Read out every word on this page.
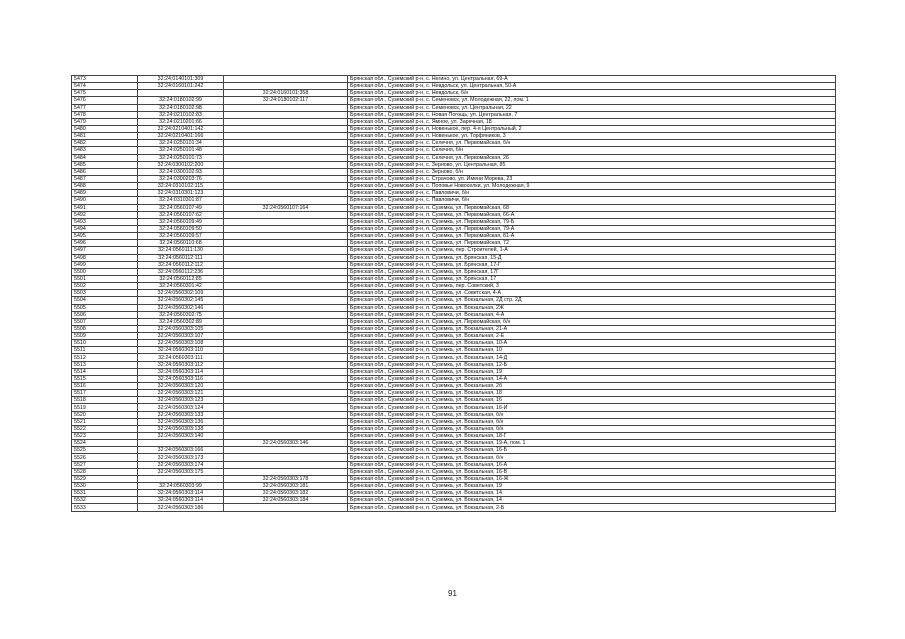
5473	32:24:0140101:309		Брянская обл., Суземский р-н, с. Негино, ул. Центральная, 69-А
5474	32:24:0160101:242		Брянская обл., Суземский р-н, с. Невдольск, ул. Центральная, 50-А
5475		32:24:0160101:358	Брянская обл., Суземский р-н, с. Невдольск, б/н
5476	32:24:0180102:99	32:24:0180102:117	Брянская обл., Суземский р-н, с. Семеновск, ул. Молодежная, 22, пом. 1
5477	32:24:0180102:98		Брянская обл., Суземский р-н, с. Семеновск, ул. Центральная, 22
5478	32:24:0210102:83		Брянская обл., Суземский р-н, с. Новая Погощь, ул. Центральная, 7
5479	32:24:0210201:66		Брянская обл., Суземский р-н, с. Ямное, ул. Заречная, 18
5480	32:24:0210401:142		Брянская обл., Суземский р-н, п. Новенькое, пер. 4-я Центральный, 2
5481	32:24:0210401:166		Брянская обл., Суземский р-н, п. Новенькое, ул. Торфяников, 3
5482	32:24:0250101:34		Брянская обл., Суземский р-н, с. Селечня, ул. Первомайская, б/н
5483	32:24:0250101:48		Брянская обл., Суземский р-н, с. Селечня, б/н
5484	32:24:0250101:73		Брянская обл., Суземский р-н, с. Селечня, ул. Первомайская, 26
5485	32:24:0300102:200		Брянская обл., Суземский р-н, с. Зерново, ул. Центральная, 85
5486	32:24:0300102:93		Брянская обл., Суземский р-н, с. Зерново, б/н
5487	32:24:0300203:76		Брянская обл., Суземский р-н, с. Страчово, ул. Имени Морева, 23
5488	32:24:0310102:115		Брянская обл., Суземский р-н, с. Поповье Новоселки, ул. Молодежная, 9
5489	32:24:0310301:123		Брянская обл., Суземский р-н, с. Павловичи, б/н
5490	32:24:0310301:87		Брянская обл., Суземский р-н, с. Павловичи, б/н
5491	32:24:0560107:49	32:24:0560107:164	Брянская обл., Суземский р-н, п. Суземка, ул. Первомайская, 68
5492	32:24:0560107:62		Брянская обл., Суземский р-н, п. Суземка, ул. Первомайская, 66-А
5493	32:24:0560109:49		Брянская обл., Суземский р-н, п. Суземка, ул. Первомайская, 79-Б
5494	32:24:0560109:50		Брянская обл., Суземский р-н, п. Суземка, ул. Первомайская, 79-А
5495	32:24:0560109:57		Брянская обл., Суземский р-н, п. Суземка, ул. Первомайская, 81-А
5496	32:24:0560110:68		Брянская обл., Суземский р-н, п. Суземка, ул. Первомайская, 72
5497	32:24:0560111:130		Брянская обл., Суземский р-н, п. Суземка, пер. Строителей, 1-А
5498	32:24:0560112:111		Брянская обл., Суземский р-н, п. Суземка, ул. Брянская, 15-Д
5499	32:24:0560112:112		Брянская обл., Суземский р-н, п. Суземка, ул. Брянская, 17-Г
5500	32:24:0560112:236		Брянская обл., Суземский р-н, п. Суземка, ул. Брянская, 17Г
5501	32:24:0560112:85		Брянская обл., Суземский р-н, п. Суземка, ул. Брянская, 17
5502	32:24:0560301:42		Брянская обл., Суземский р-н, п. Суземка, пер. Советский, 3
5503	32:24:0560302:109		Брянская обл., Суземский р-н, п. Суземка, ул. Советская, 4-А
5504	32:24:0560302:145		Брянская обл., Суземский р-н, п. Суземка, ул. Вокзальная, 2Д стр. 2Д
5505	32:24:0560302:146		Брянская обл., Суземский р-н, п. Суземка, ул. Вокзальная, 2Ж
5506	32:24:0560302:75		Брянская обл., Суземский р-н, п. Суземка, ул. Вокзальная, 4-А
5507	32:24:0560302:89		Брянская обл., Суземский р-н, п. Суземка, ул. Первомайская, б/н
5508	32:24:0560303:105		Брянская обл., Суземский р-н, п. Суземка, ул. Вокзальная, 21-А
5509	32:24:0560303:107		Брянская обл., Суземский р-н, п. Суземка, ул. Вокзальная, 2-Е
5510	32:24:0560303:108		Брянская обл., Суземский р-н, п. Суземка, ул. Вокзальная, 10-А
5511	32:24:0560303:110		Брянская обл., Суземский р-н, п. Суземка, ул. Вокзальная, 10
5512	32:24:0560303:111		Брянская обл., Суземский р-н, п. Суземка, ул. Вокзальная, 14-Д
5513	32:24:0560303:112		Брянская обл., Суземский р-н, п. Суземка, ул. Вокзальная, 12-Б
5514	32:24:0560303:114		Брянская обл., Суземский р-н, п. Суземка, ул. Вокзальная, 19
5515	32:24:0560303:116		Брянская обл., Суземский р-н, п. Суземка, ул. Вокзальная, 14-А
5516	32:24:0560303:120		Брянская обл., Суземский р-н, п. Суземка, ул. Вокзальная, 2б
5517	32:24:0560303:121		Брянская обл., Суземский р-н, п. Суземка, ул. Вокзальная, 18
5518	32:24:0560303:123		Брянская обл., Суземский р-н, п. Суземка, ул. Вокзальная, 16
5519	32:24:0560303:124		Брянская обл., Суземский р-н, п. Суземка, ул. Вокзальная, 16-И
5520	32:24:0560303:133		Брянская обл., Суземский р-н, п. Суземка, ул. Вокзальная, б/н
5521	32:24:0560303:136		Брянская обл., Суземский р-н, п. Суземка, ул. Вокзальная, б/н
5522	32:24:0560303:138		Брянская обл., Суземский р-н, п. Суземка, ул. Вокзальная, б/н
5523	32:24:0560303:140		Брянская обл., Суземский р-н, п. Суземка, ул. Вокзальная, 18-Г
5524		32:24:0560303:146	Брянская обл., Суземский р-н, п. Суземка, ул. Вокзальная, 19-А, пом. 1
5525	32:24:0560303:166		Брянская обл., Суземский р-н, п. Суземка, ул. Вокзальная, 16-Б
5526	32:24:0560303:173		Брянская обл., Суземский р-н, п. Суземка, ул. Вокзальная, б/н
5527	32:24:0560303:174		Брянская обл., Суземский р-н, п. Суземка, ул. Вокзальная, 16-А
5528	32:24:0560303:175		Брянская обл., Суземский р-н, п. Суземка, ул. Вокзальная, 16-В
5529		32:24:0560303:178	Брянская обл., Суземский р-н, п. Суземка, ул. Вокзальная, 16-Ж
5530	32:24:0560303:99	32:24:0560303:181	Брянская обл., Суземский р-н, п. Суземка, ул. Вокзальная, 19
5531	32:24:0560303:114	32:24:0560303:182	Брянская обл., Суземский р-н, п. Суземка, ул. Вокзальная, 14
5532	32:24:0560303:114	32:24:0560303:184	Брянская обл., Суземский р-н, п. Суземка, ул. Вокзальная, 14
5533	32:24:0560303:186		Брянская обл., Суземский р-н, п. Суземка, ул. Вокзальная, 2-Б
91
